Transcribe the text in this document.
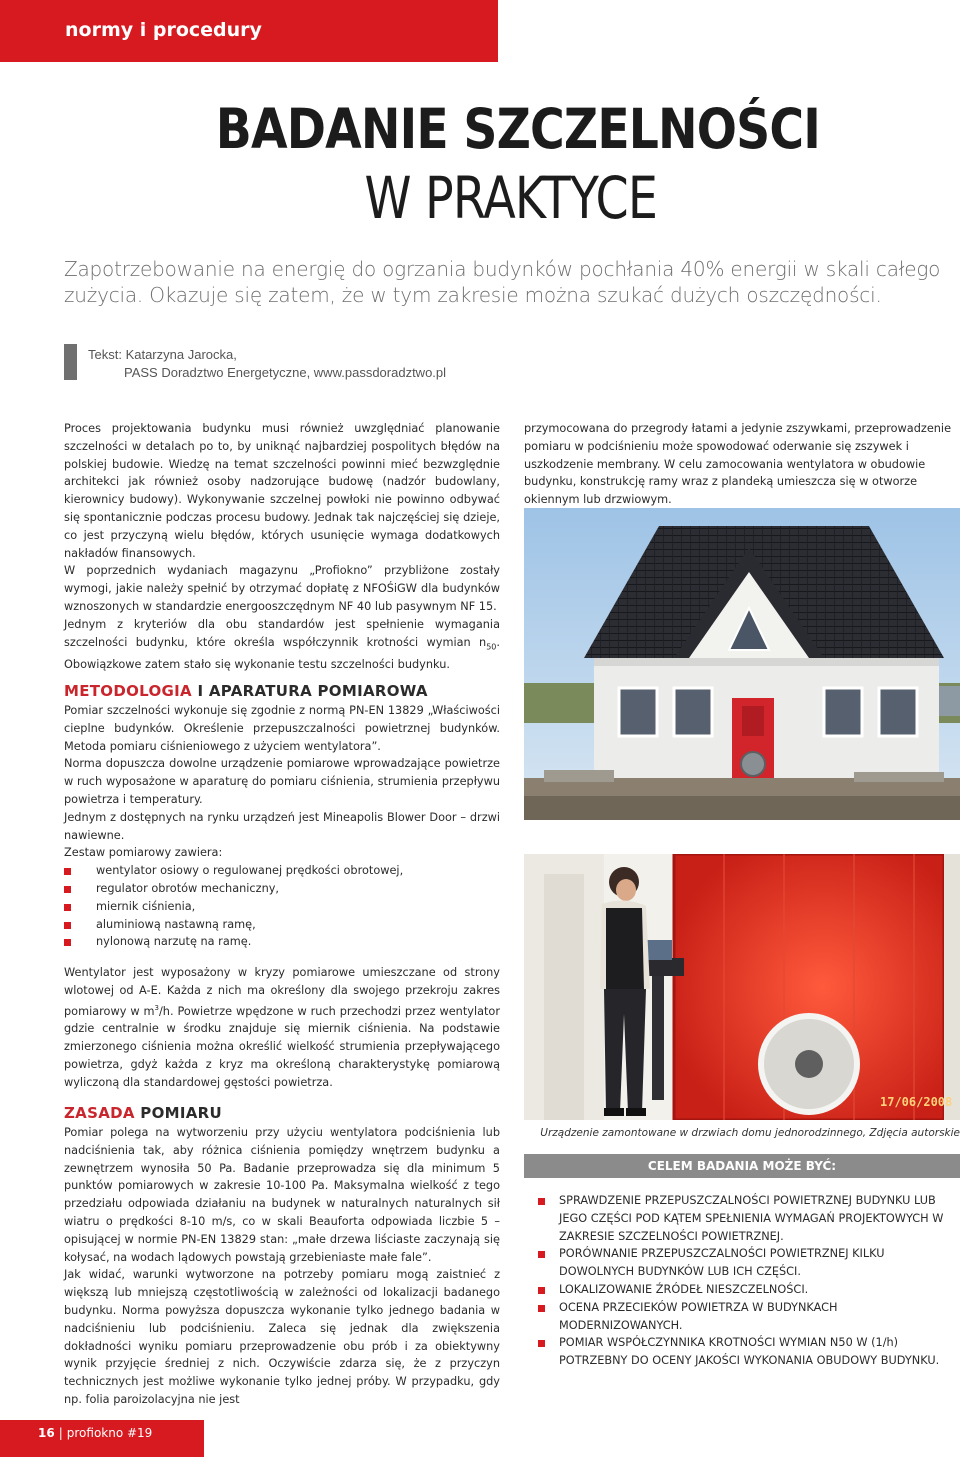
normy i procedury
BADANIE SZCZELNOŚCI
W PRAKTYCE
Zapotrzebowanie na energię do ogrzania budynków pochłania 40% energii w skali całego zużycia. Okazuje się zatem, że w tym zakresie można szukać dużych oszczędności.
Tekst: Katarzyna Jarocka,
PASS Doradztwo Energetyczne, www.passdoradztwo.pl

Proces projektowania budynku musi również uwzględniać planowanie szczelności w detalach po to, by uniknąć najbardziej pospolitych błędów na polskiej budowie. Wiedzę na temat szczelności powinni mieć bezwzględnie architekci jak również osoby nadzorujące budowę (nadzór budowlany, kierownicy budowy). Wykonywanie szczelnej powłoki nie powinno odbywać się spontanicznie podczas procesu budowy. Jednak tak najczęściej się dzieje, co jest przyczyną wielu błędów, których usunięcie wymaga dodatkowych nakładów finansowych.

W poprzednich wydaniach magazynu „Profiokno” przybliżone zostały wymogi, jakie należy spełnić by otrzymać dopłatę z NFOŚiGW dla budynków wznoszonych w standardzie energooszczędnym NF 40 lub pasywnym NF 15.

Jednym z kryteriów dla obu standardów jest spełnienie wymagania szczelności budynku, które określa współczynnik krotności wymian $n_{50}$. Obowiązkowe zatem stało się wykonanie testu szczelności budynku.

METODOLOGIA I APARATURA POMIAROWA

Pomiar szczelności wykonuje się zgodnie z normą PN-EN 13829 „Właściwości cieplne budynków. Określenie przepuszczalności powietrznej budynków. Metoda pomiaru ciśnieniowego z użyciem wentylatora”.

Norma dopuszcza dowolne urządzenie pomiarowe wprowadzające powietrze w ruch wyposażone w aparaturę do pomiaru ciśnienia, strumienia przepływu powietrza i temperatury.

Jednym z dostępnych na rynku urządzeń jest Mineapolis Blower Door – drzwi nawiewne.

Zestaw pomiarowy zawiera:

wentylator osiowy o regulowanej prędkości obrotowej,
regulator obrotów mechaniczny,
miernik ciśnienia,
aluminiową nastawną ramę,
nylonową narzutę na ramę.

Wentylator jest wyposażony w kryzy pomiarowe umieszczane od strony wlotowej od A-E. Każda z nich ma określony dla swojego przekroju zakres pomiarowy w $m^3/h$. Powietrze wpędzone w ruch przechodzi przez wentylator gdzie centralnie w środku znajduje się miernik ciśnienia. Na podstawie zmierzonego ciśnienia można określić wielkość strumienia przepływającego powietrza, gdyż każda z kryz ma określoną charakterystykę pomiarową wyliczoną dla standardowej gęstości powietrza.

ZASADA POMIARU

Pomiar polega na wytworzeniu przy użyciu wentylatora podciśnienia lub nadciśnienia tak, aby różnica ciśnienia pomiędzy wnętrzem budynku a zewnętrzem wynosiła 50 Pa. Badanie przeprowadza się dla minimum 5 punktów pomiarowych w zakresie 10-100 Pa. Maksymalna wielkość z tego przedziału odpowiada działaniu na budynek w naturalnych naturalnych sił wiatru o prędkości 8-10 m/s, co w skali Beauforta odpowiada liczbie 5 – opisującej w normie PN-EN 13829 stan: „małe drzewa liściaste zaczynają się kołysać, na wodach lądowych powstają grzebieniaste małe fale”.

Jak widać, warunki wytworzone na potrzeby pomiaru mogą zaistnieć z większą lub mniejszą częstotliwością w zależności od lokalizacji badanego budynku. Norma powyższa dopuszcza wykonanie tylko jednego badania w nadciśnieniu lub podciśnieniu. Zaleca się jednak dla zwiększenia dokładności wyniku pomiaru przeprowadzenie obu prób i za obiektywny wynik przyjęcie średniej z nich. Oczywiście zdarza się, że z przyczyn technicznych jest możliwe wykonanie tylko jednej próby. W przypadku, gdy np. folia paroizolacyjna nie jest

przymocowana do przegrody łatami a jedynie zszywkami, przeprowadzenie pomiaru w podciśnieniu może spowodować oderwanie się zszywek i uszkodzenie membrany. W celu zamocowania wentylatora w obudowie budynku, konstrukcję ramy wraz z plandeką umieszcza się w otworze okiennym lub drzwiowym.

17/06/2008
Urządzenie zamontowane w drzwiach domu jednorodzinnego, Zdjęcia autorskie
CELEM BADANIA MOŻE BYĆ:
SPRAWDZENIE PRZEPUSZCZALNOŚCI POWIETRZNEJ BUDYNKU LUB JEGO CZĘŚCI POD KĄTEM SPEŁNIENIA WYMAGAŃ PROJEKTOWYCH W ZAKRESIE SZCZELNOŚCI POWIETRZNEJ.
PORÓWNANIE PRZEPUSZCZALNOŚCI POWIETRZNEJ KILKU DOWOLNYCH BUDYNKÓW LUB ICH CZĘŚCI.
LOKALIZOWANIE ŹRÓDEŁ NIESZCZELNOŚCI.
OCENA PRZECIEKÓW POWIETRZA W BUDYNKACH MODERNIZOWANYCH.
POMIAR WSPÓŁCZYNNIKA KROTNOŚCI WYMIAN N50 W (1/h) POTRZEBNY DO OCENY JAKOŚCI WYKONANIA OBUDOWY BUDYNKU.
16 | profiokno #19
